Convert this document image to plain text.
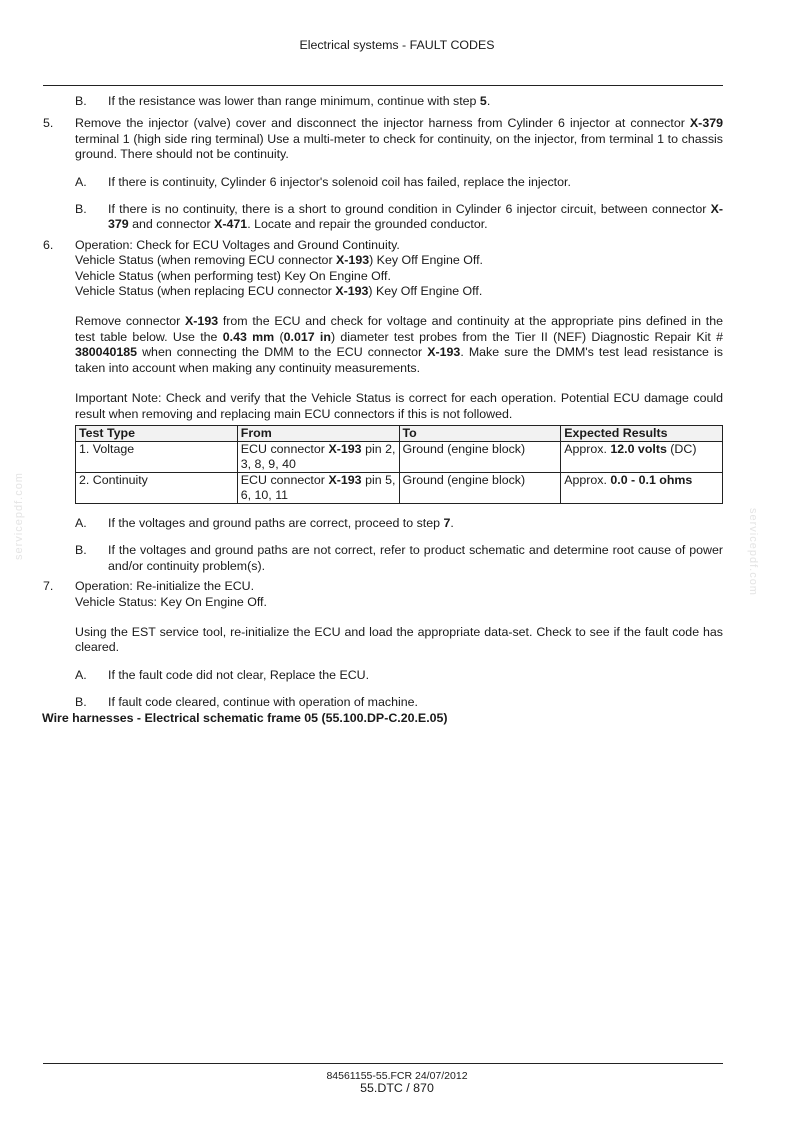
Electrical systems - FAULT CODES
servicepdf.com	servicepdf.com
B. If the resistance was lower than range minimum, continue with step 5.
5. Remove the injector (valve) cover and disconnect the injector harness from Cylinder 6 injector at connector X-379 terminal 1 (high side ring terminal) Use a multi-meter to check for continuity, on the injector, from terminal 1 to chassis ground. There should not be continuity.
A. If there is continuity, Cylinder 6 injector's solenoid coil has failed, replace the injector.
B. If there is no continuity, there is a short to ground condition in Cylinder 6 injector circuit, between connector X-379 and connector X-471. Locate and repair the grounded conductor.
6. Operation: Check for ECU Voltages and Ground Continuity.
Vehicle Status (when removing ECU connector X-193) Key Off Engine Off.
Vehicle Status (when performing test) Key On Engine Off.
Vehicle Status (when replacing ECU connector X-193) Key Off Engine Off.
Remove connector X-193 from the ECU and check for voltage and continuity at the appropriate pins defined in the test table below. Use the 0.43 mm (0.017 in) diameter test probes from the Tier II (NEF) Diagnostic Repair Kit # 380040185 when connecting the DMM to the ECU connector X-193. Make sure the DMM's test lead resistance is taken into account when making any continuity measurements.
Important Note: Check and verify that the Vehicle Status is correct for each operation. Potential ECU damage could result when removing and replacing main ECU connectors if this is not followed.
Test Type	From	To	Expected Results
1. Voltage	ECU connector X-193 pin 2, 3, 8, 9, 40	Ground (engine block)	Approx. 12.0 volts (DC)
2. Continuity	ECU connector X-193 pin 5, 6, 10, 11	Ground (engine block)	Approx. 0.0 - 0.1 ohms
A. If the voltages and ground paths are correct, proceed to step 7.
B. If the voltages and ground paths are not correct, refer to product schematic and determine root cause of power and/or continuity problem(s).
7. Operation: Re-initialize the ECU.
Vehicle Status: Key On Engine Off.
Using the EST service tool, re-initialize the ECU and load the appropriate data-set. Check to see if the fault code has cleared.
A. If the fault code did not clear, Replace the ECU.
B. If fault code cleared, continue with operation of machine.
Wire harnesses - Electrical schematic frame 05 (55.100.DP-C.20.E.05)
84561155-55.FCR 24/07/2012
55.DTC / 870
